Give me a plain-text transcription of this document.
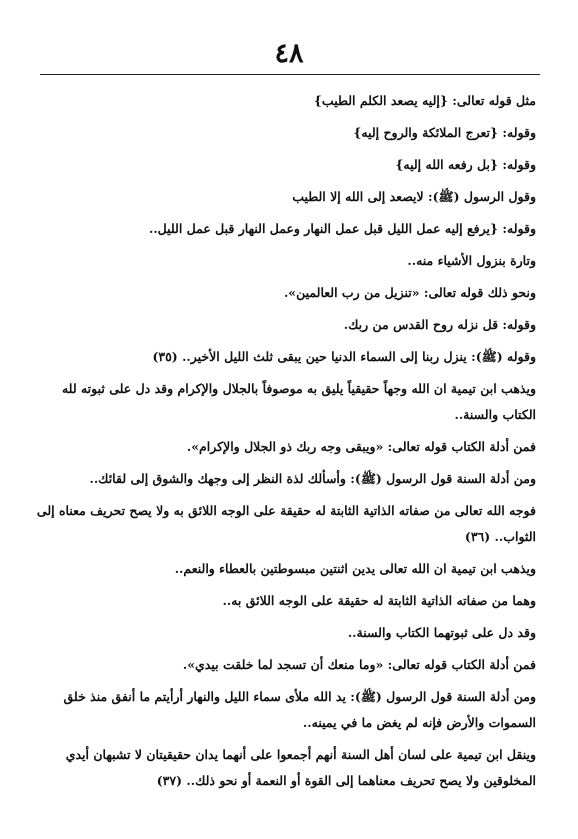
٤٨
مثل قوله تعالى: {إليه يصعد الكلم الطيب}
وقوله: {تعرج الملائكة والروح إليه}
وقوله: {بل رفعه الله إليه}
وقول الرسول (ﷺ): لايصعد إلى الله إلا الطيب
وقوله: {يرفع إليه عمل الليل قبل عمل النهار وعمل النهار قبل عمل الليل..
وتارة بنزول الأشياء منه..
ونحو ذلك قوله تعالى: «تنزيل من رب العالمين».
وقوله: قل نزله روح القدس من ربك.
وقوله (ﷺ): ينزل ربنا إلى السماء الدنيا حين يبقى ثلث الليل الأخير.. (٣٥)
ويذهب ابن تيمية ان الله وجهاً حقيقياً يليق به موصوفاً بالجلال والإكرام وقد دل على ثبوته لله الكتاب والسنة..
فمن أدلة الكتاب قوله تعالى: «ويبقى وجه ربك ذو الجلال والإكرام».
ومن أدلة السنة قول الرسول (ﷺ): وأسألك لذة النظر إلى وجهك والشوق إلى لقائك..
فوجه الله تعالى من صفاته الذاتية الثابتة له حقيقة على الوجه اللائق به ولا يصح تحريف معناه إلى الثواب.. (٣٦)
ويذهب ابن تيمية ان الله تعالى يدين اثنتين مبسوطتين بالعطاء والنعم..
وهما من صفاته الذاتية الثابتة له حقيقة على الوجه اللائق به..
وقد دل على ثبوتهما الكتاب والسنة..
فمن أدلة الكتاب قوله تعالى: «وما منعك أن تسجد لما خلقت بيدي».
ومن أدلة السنة قول الرسول (ﷺ): يد الله ملأى سماء الليل والنهار أرأيتم ما أنفق منذ خلق السموات والأرض فإنه لم يغض ما في يمينه..
وينقل ابن تيمية على لسان أهل السنة أنهم أجمعوا على أنهما يدان حقيقيتان لا تشبهان أيدي المخلوقين ولا يصح تحريف معناهما إلى القوة أو النعمة أو نحو ذلك.. (٣٧)
